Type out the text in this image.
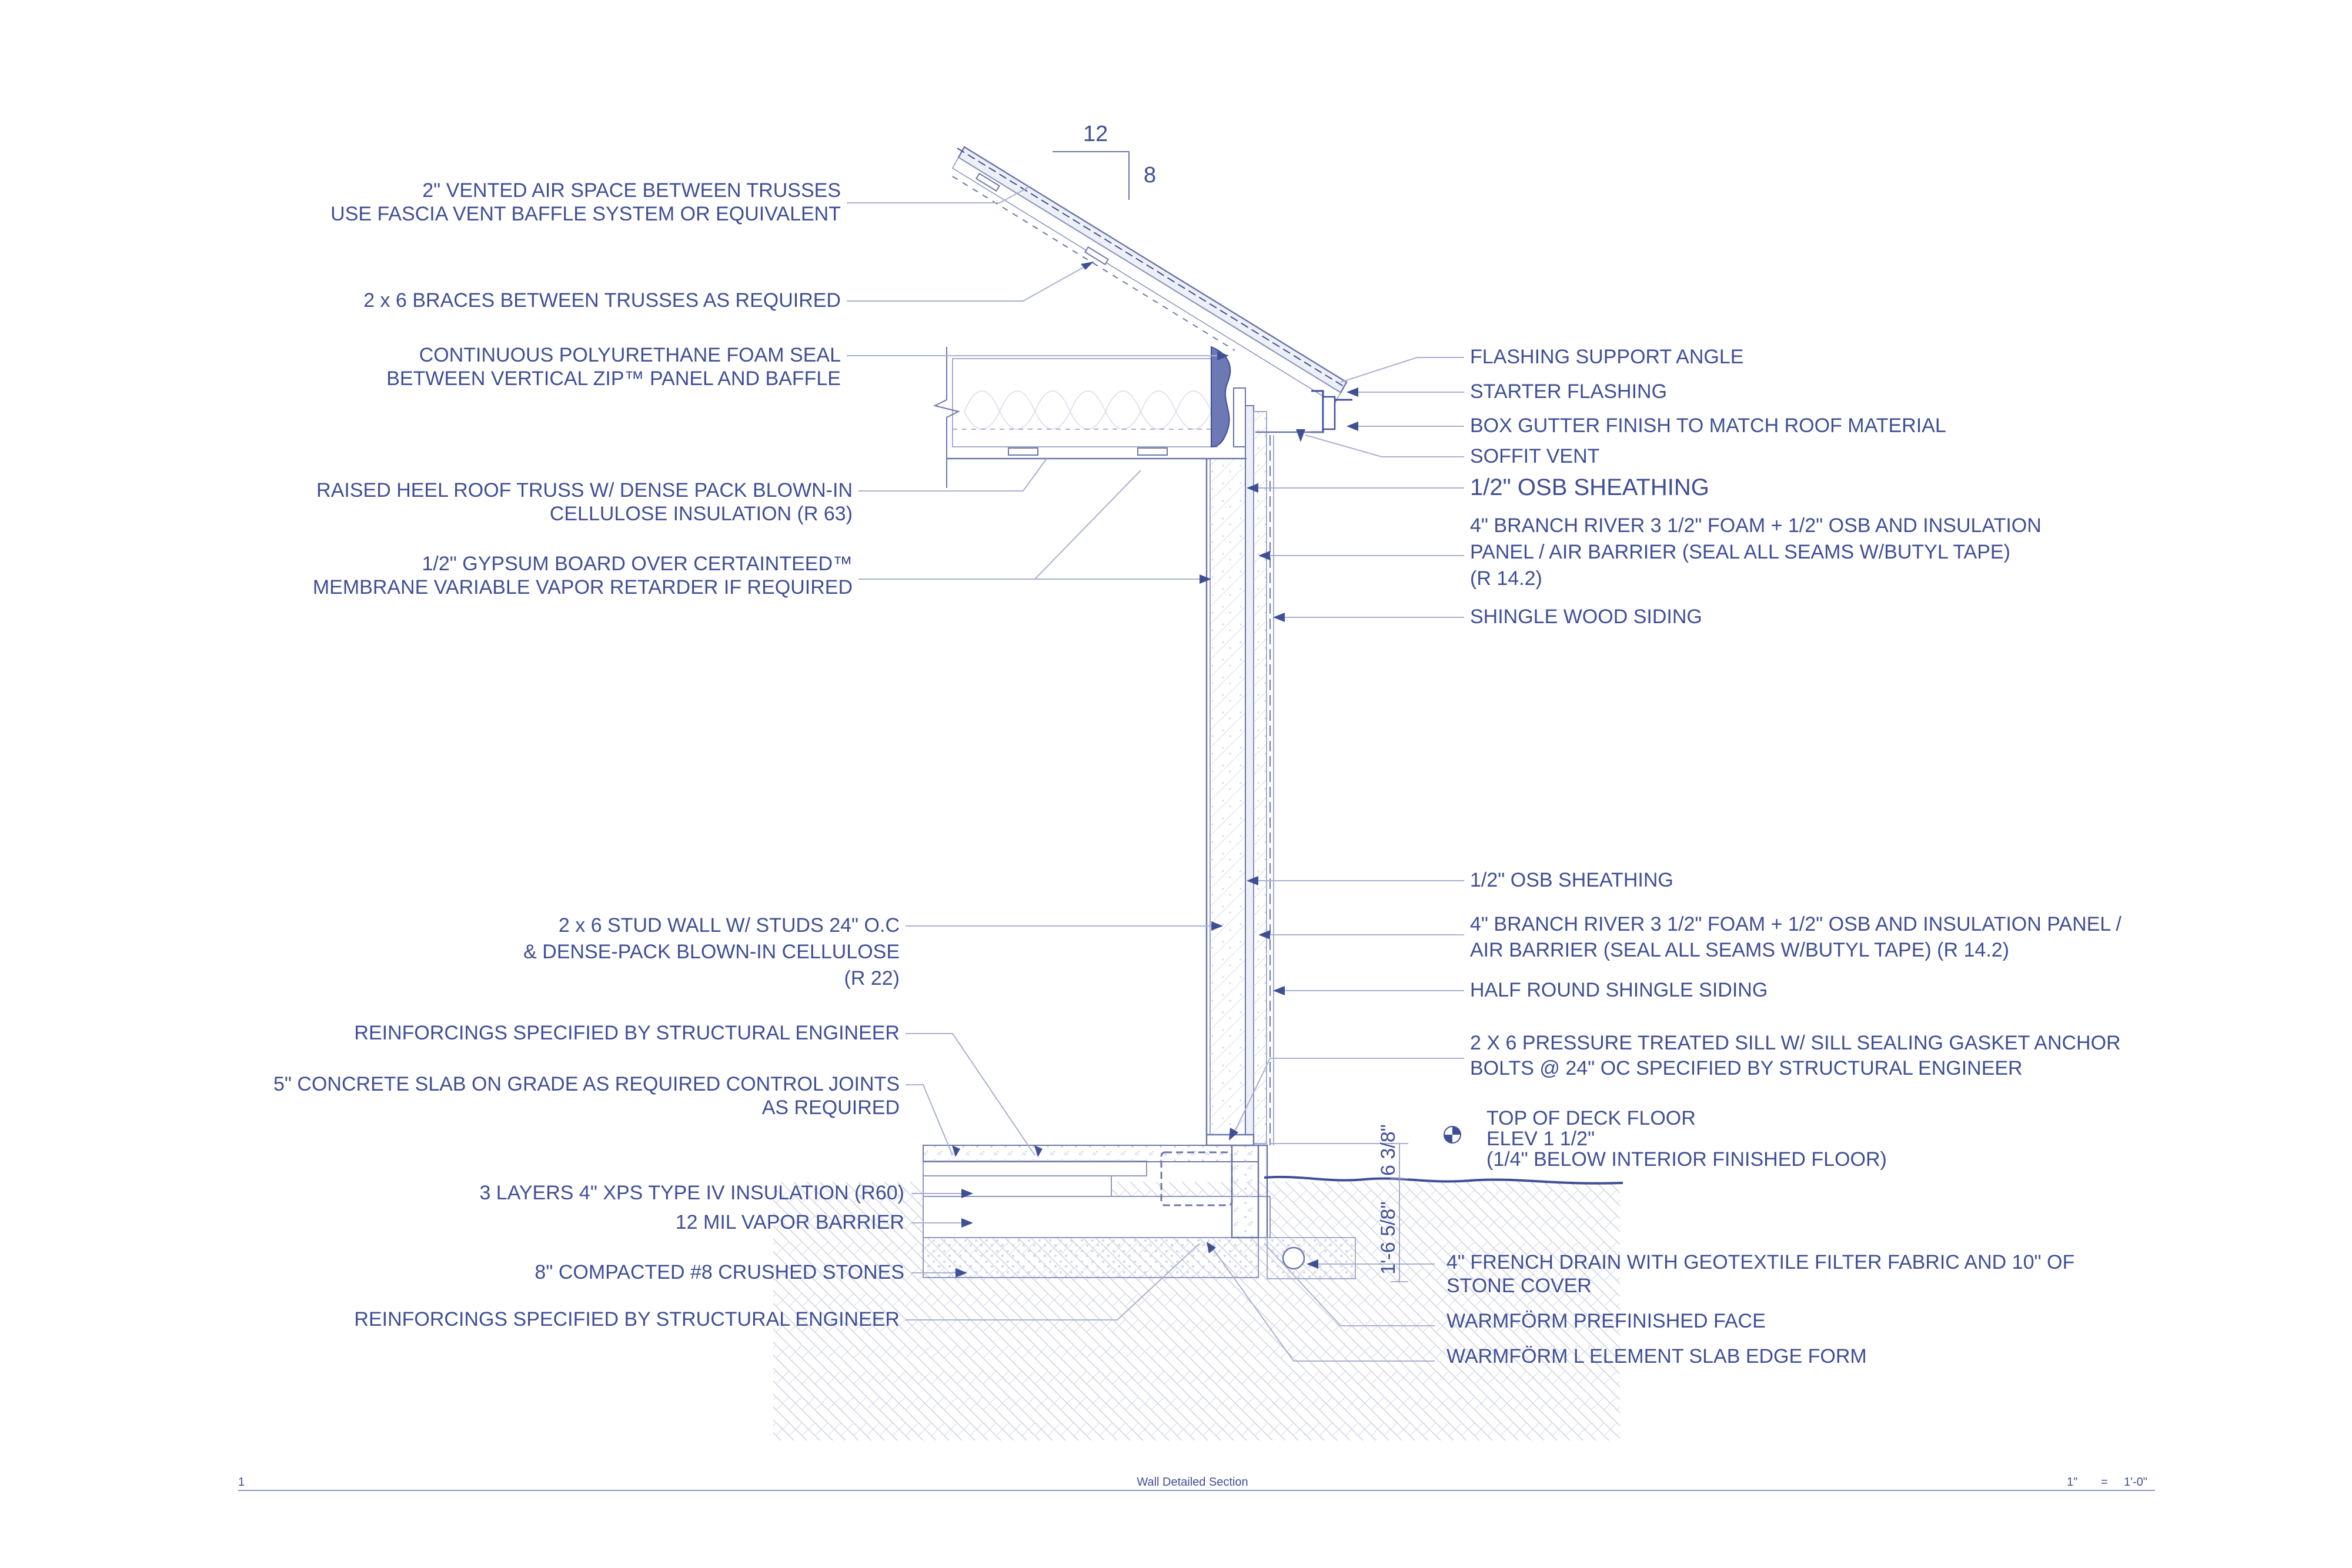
12
8
6 3/8"
1'-6 5/8"
2" VENTED AIR SPACE BETWEEN TRUSSES
USE FASCIA VENT BAFFLE SYSTEM OR EQUIVALENT
2 x 6 BRACES BETWEEN TRUSSES AS REQUIRED
CONTINUOUS POLYURETHANE FOAM SEAL
BETWEEN VERTICAL ZIP™ PANEL AND BAFFLE
RAISED HEEL ROOF TRUSS W/ DENSE PACK BLOWN-IN
CELLULOSE INSULATION (R 63)
1/2" GYPSUM BOARD OVER CERTAINTEED™
MEMBRANE VARIABLE VAPOR RETARDER IF REQUIRED
2 x 6 STUD WALL W/ STUDS 24" O.C
& DENSE-PACK BLOWN-IN CELLULOSE
(R 22)
REINFORCINGS SPECIFIED BY STRUCTURAL ENGINEER
5" CONCRETE SLAB ON GRADE AS REQUIRED CONTROL JOINTS
AS REQUIRED
3 LAYERS 4" XPS TYPE IV INSULATION (R60)
12 MIL VAPOR BARRIER
8" COMPACTED #8 CRUSHED STONES
REINFORCINGS SPECIFIED BY STRUCTURAL ENGINEER
FLASHING SUPPORT ANGLE
STARTER FLASHING
BOX GUTTER FINISH TO MATCH ROOF MATERIAL
SOFFIT VENT
1/2" OSB SHEATHING
4" BRANCH RIVER 3 1/2" FOAM + 1/2" OSB AND INSULATION
PANEL / AIR BARRIER (SEAL ALL SEAMS W/BUTYL TAPE)
(R 14.2)
SHINGLE WOOD SIDING
1/2" OSB SHEATHING
4" BRANCH RIVER 3 1/2" FOAM + 1/2" OSB AND INSULATION PANEL /
AIR BARRIER (SEAL ALL SEAMS W/BUTYL TAPE) (R 14.2)
HALF ROUND SHINGLE SIDING
2 X 6 PRESSURE TREATED SILL W/ SILL SEALING GASKET ANCHOR
BOLTS @ 24" OC SPECIFIED BY STRUCTURAL ENGINEER
TOP OF DECK FLOOR
ELEV 1 1/2"
(1/4" BELOW INTERIOR FINISHED FLOOR)
4" FRENCH DRAIN WITH GEOTEXTILE FILTER FABRIC AND 10" OF
STONE COVER
WARMFÖRM PREFINISHED FACE
WARMFÖRM L ELEMENT SLAB EDGE FORM
1	Wall Detailed Section	1" = 1'-0"
